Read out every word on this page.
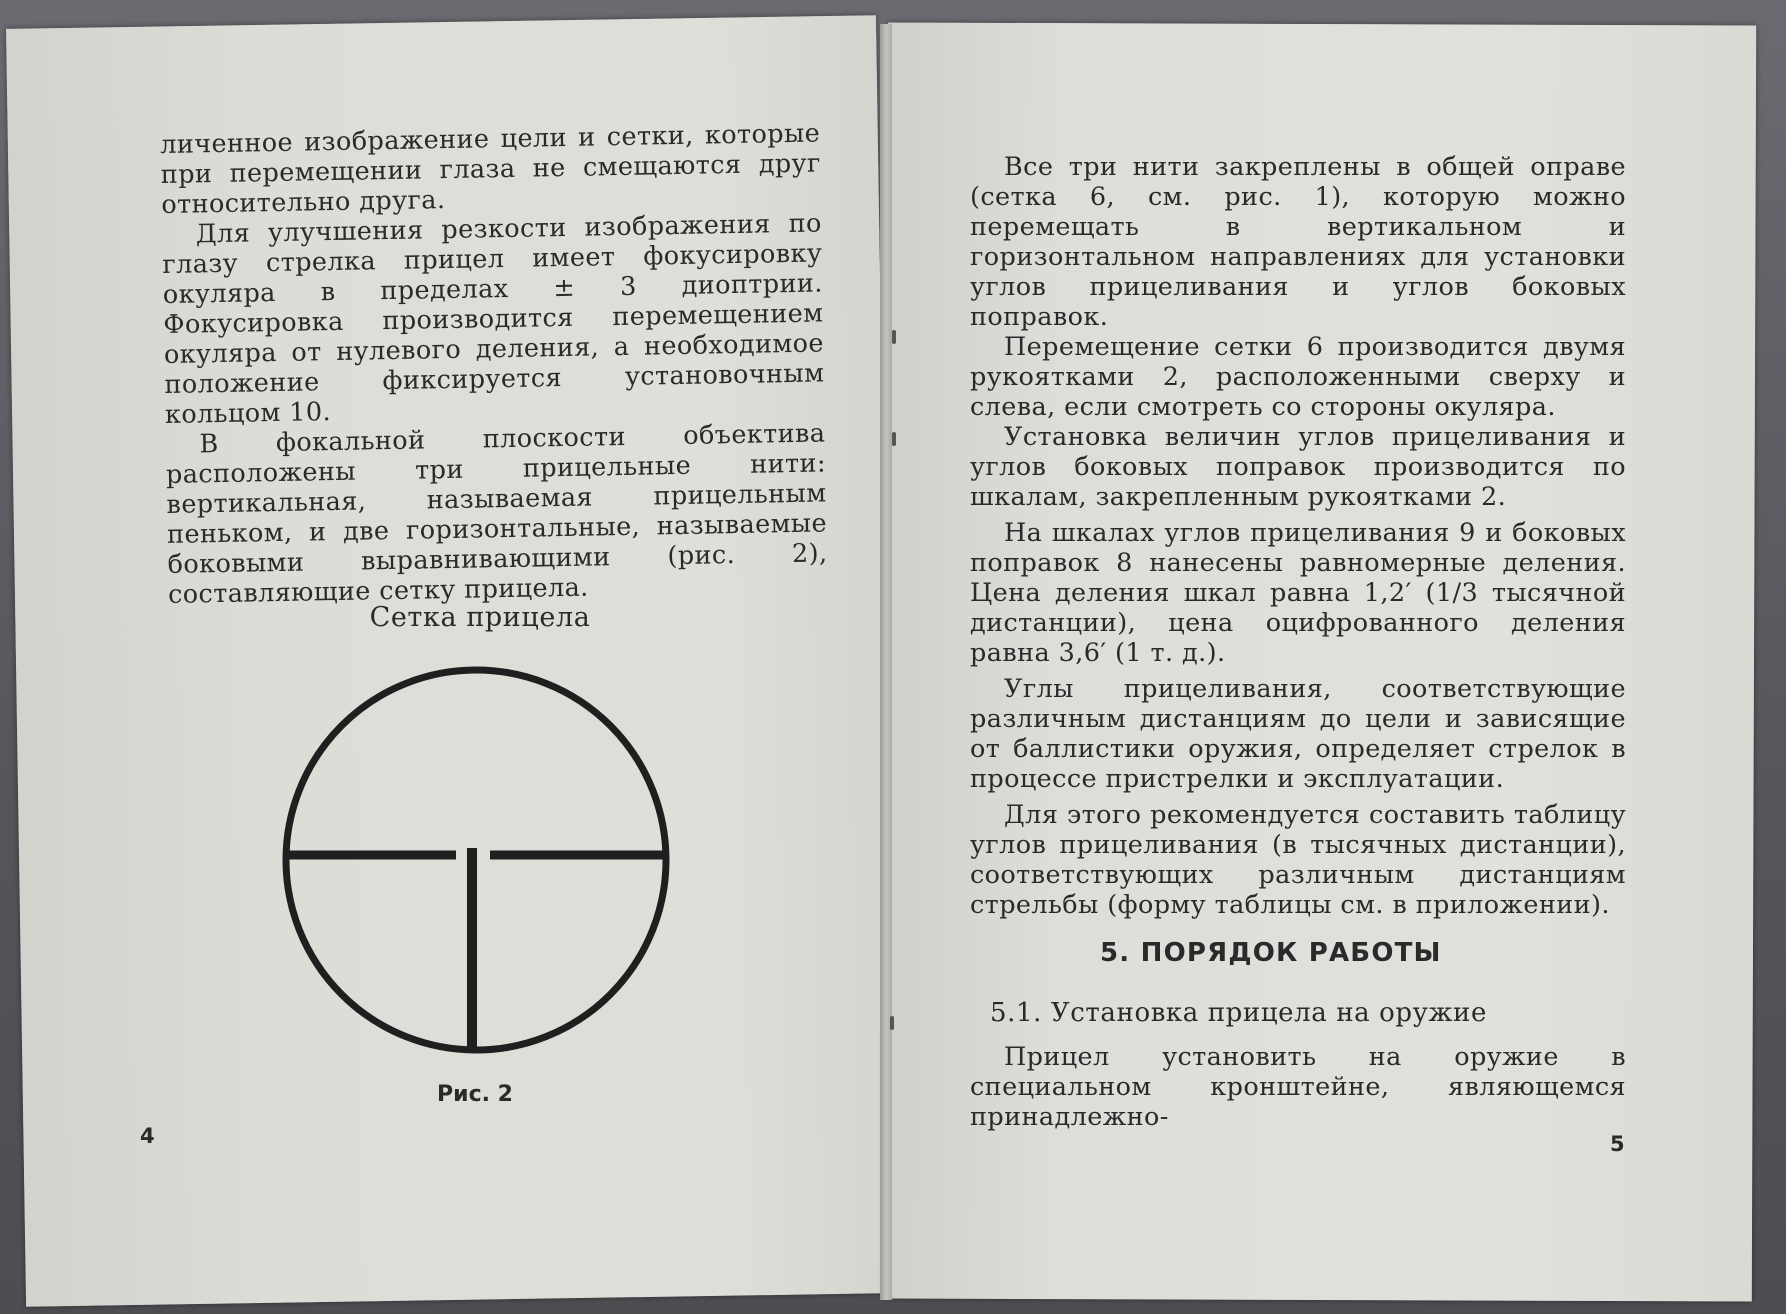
личенное изображение цели и сетки, которые при перемещении глаза не смещаются друг относительно друга.

Для улучшения резкости изображения по глазу стрелка прицел имеет фокусировку окуляра в пределах ± 3 диоптрии. Фокусировка производится перемещением окуляра от нулевого деления, а необходимое положение фиксируется установочным кольцом 10.

В фокальной плоскости объектива расположены три прицельные нити: вертикальная, называемая прицельным пеньком, и две горизонтальные, называемые боковыми выравнивающими (рис. 2), составляющие сетку прицела.

Сетка прицела
Рис. 2
4

Все три нити закреплены в общей оправе (сетка 6, см. рис. 1), которую можно перемещать в вертикальном и горизонтальном направлениях для установки углов прицеливания и углов боковых поправок.

Перемещение сетки 6 производится двумя рукоятками 2, расположенными сверху и слева, если смотреть со стороны окуляра.

Установка величин углов прицеливания и углов боковых поправок производится по шкалам, закрепленным рукоятками 2.

На шкалах углов прицеливания 9 и боковых поправок 8 нанесены равномерные деления. Цена деления шкал равна 1,2′ (1/3 тысячной дистанции), цена оцифрованного деления равна 3,6′ (1 т. д.).

Углы прицеливания, соответствующие различным дистанциям до цели и зависящие от баллистики оружия, определяет стрелок в процессе пристрелки и эксплуатации.

Для этого рекомендуется составить таблицу углов прицеливания (в тысячных дистанции), соответствующих различным дистанциям стрельбы (форму таблицы см. в приложении).

5. ПОРЯДОК РАБОТЫ
5.1. Установка прицела на оружие

Прицел установить на оружие в специальном кронштейне, являющемся принадлежно-

5
